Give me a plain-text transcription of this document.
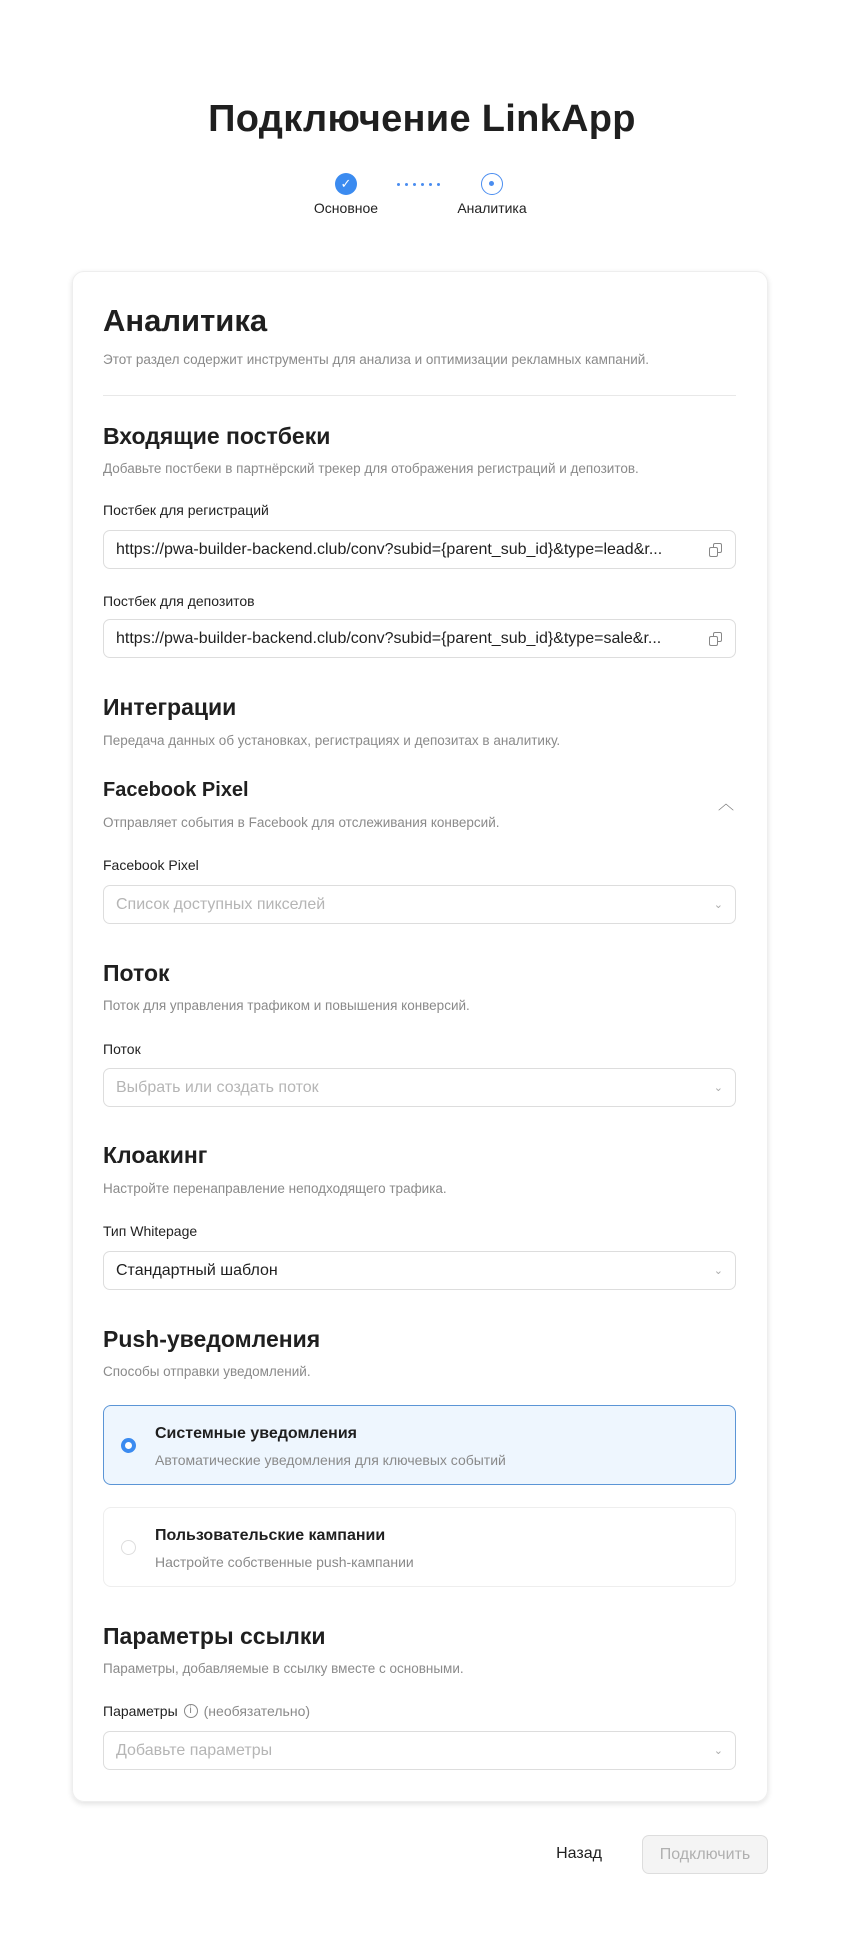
Подключение LinkApp
✓
Основное	Аналитика
Аналитика
Этот раздел содержит инструменты для анализа и оптимизации рекламных кампаний.
Входящие постбеки
Добавьте постбеки в партнёрский трекер для отображения регистраций и депозитов.
Постбек для регистраций
https://pwa-builder-backend.club/conv?subid={parent_sub_id}&type=lead&r...
Постбек для депозитов
https://pwa-builder-backend.club/conv?subid={parent_sub_id}&type=sale&r...
Интеграции
Передача данных об установках, регистрациях и депозитах в аналитику.
Facebook Pixel
Отправляет события в Facebook для отслеживания конверсий.
︿
Facebook Pixel
Список доступных пикселей	⌄
Поток
Поток для управления трафиком и повышения конверсий.
Поток
Выбрать или создать поток	⌄
Клоакинг
Настройте перенаправление неподходящего трафика.
Тип Whitepage
Стандартный шаблон	⌄
Push-уведомления
Способы отправки уведомлений.
Системные уведомления
Автоматические уведомления для ключевых событий
Пользовательские кампании
Настройте собственные push-кампании
Параметры ссылки
Параметры, добавляемые в ссылку вместе с основными.
Параметры	i (необязательно)
Добавьте параметры	⌄
Назад	Подключить
